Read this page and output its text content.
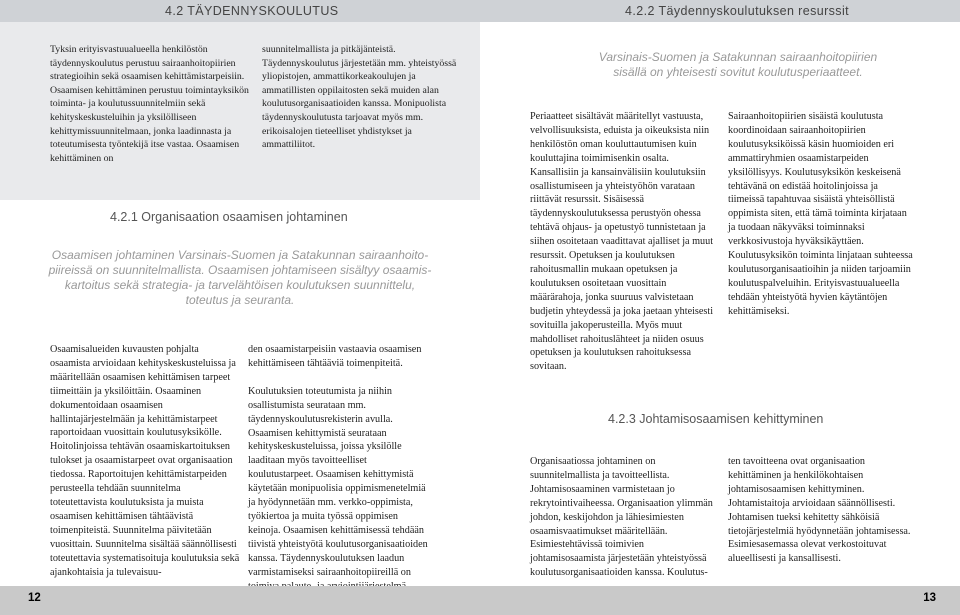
4.2 TÄYDENNYSKOULUTUS

Tyksin erityisvastuualueella henkilöstön täydennyskoulutus perustuu sairaanhoitopiirien strategioihin sekä osaamisen kehittämistarpeisiin. Osaamisen kehittäminen perustuu toimintayksikön toiminta- ja koulutussuunnitelmiin sekä kehityskeskusteluihin ja yksilölliseen kehittymissuunnitelmaan, jonka laadinnasta ja toteutumisesta työntekijä itse vastaa. Osaamisen kehittäminen on

suunnitelmallista ja pitkäjänteistä. Täydennyskoulutus järjestetään mm. yhteistyössä yliopistojen, ammattikorkeakoulujen ja ammatillisten oppilaitosten sekä muiden alan koulutusorganisaatioiden kanssa. Monipuolista täydennyskoulutusta tarjoavat myös mm. erikoisalojen tieteelliset yhdistykset ja ammattiliitot.

4.2.1 Organisaation osaamisen johtaminen
Osaamisen johtaminen Varsinais-Suomen ja Satakunnan sairaanhoito-
piireissä on suunnitelmallista. Osaamisen johtamiseen sisältyy osaamis-
kartoitus sekä strategia- ja tarvelähtöisen koulutuksen suunnittelu,
toteutus ja seuranta.

Osaamisalueiden kuvausten pohjalta osaamista arvioidaan kehityskeskusteluissa ja määritellään osaamisen kehittämisen tarpeet tiimeittäin ja yksilöittäin. Osaaminen dokumentoidaan osaamisen hallintajärjestelmään ja kehittämistarpeet raportoidaan vuosittain koulutusyksikölle. Hoitolinjoissa tehtävän osaamiskartoituksen tulokset ja osaamistarpeet ovat organisaation tiedossa. Raportoitujen kehittämistarpeiden perusteella tehdään suunnitelma toteutettavista koulutuksista ja muista osaamisen kehittämisen tähtäävistä toimenpiteistä. Suunnitelma päivitetään vuosittain. Suunnitelma sisältää säännöllisesti toteutettavia systematisoituja koulutuksia sekä ajankohtaisia ja tulevaisuu-

den osaamistarpeisiin vastaavia osaamisen kehittämiseen tähtääviä toimenpiteitä.

Koulutuksien toteutumista ja niihin osallistumista seurataan mm. täydennyskoulutusrekisterin avulla. Osaamisen kehittymistä seurataan kehityskeskusteluissa, joissa yksilölle laaditaan myös tavoitteelliset koulutustarpeet. Osaamisen kehittymistä käytetään monipuolisia oppimismenetelmiä ja hyödynnetään mm. verkko-oppimista, työkiertoa ja muita työssä oppimisen keinoja. Osaamisen kehittämisessä tehdään tiivistä yhteistyötä koulutusorganisaatioiden kanssa. Täydennyskoulutuksen laadun varmistamiseksi sairaanhoitopiireillä on

12
4.2.2 Täydennyskoulutuksen resurssit
Varsinais-Suomen ja Satakunnan sairaanhoitopiirien
sisällä on yhteisesti sovitut koulutusperiaatteet.

Periaatteet sisältävät määritellyt vastuusta, velvollisuuksista, eduista ja oikeuksista niin henkilöstön oman kouluttautumisen kuin kouluttajina toimimisenkin osalta. Kansallisiin ja kansainvälisiin koulutuksiin osallistumiseen ja yhteistyöhön varataan riittävät resurssit. Sisäisessä täydennyskoulutuksessa perustyön ohessa tehtävä ohjaus- ja opetustyö tunnistetaan ja siihen osoitetaan vaadittavat ajalliset ja muut resurssit. Opetuksen ja koulutuksen rahoitusmallin mukaan opetuksen ja koulutuksen osoitetaan vuosittain määrärahoja, jonka suuruus valvistetaan budjetin yhteydessä ja joka jaetaan yhteisesti sovituilla jakoperusteilla. Myös muut mahdolliset rahoituslähteet ja niiden osuus opetuksen ja koulutuksen rahoituksessa sovitaan.

Sairaanhoitopiirien sisäistä koulutusta koordinoidaan sairaanhoitopiirien koulutusyksiköissä käsin huomioiden eri ammattiryhmien osaamistarpeiden yksilöllisyys. Koulutusyksikön keskeisenä tehtävänä on edistää hoitolinjoissa ja tiimeissä tapahtuvaa sisäistä yhteisöllistä oppimista siten, että tämä toiminta kirjataan ja tuodaan näkyväksi toiminnaksi verkkosivustoja hyväksikäyttäen. Koulutusyksikön toiminta linjataan suhteessa koulutusorganisaatioihin ja niiden tarjoamiin koulutuspalveluihin. Erityisvastuualueella tehdään yhteistyötä hyvien käytäntöjen kehittämiseksi.

4.2.3 Johtamisosaamisen kehittyminen

Organisaatiossa johtaminen on suunnitelmallista ja tavoitteellista. Johtamisosaaminen varmistetaan jo rekrytointivaiheessa. Organisaation ylimmän johdon, keskijohdon ja lähiesimiesten osaamisvaatimukset määritellään. Esimiestehtävissä toimivien johtamisosaamista järjestetään yhteistyössä koulutusorganisaatioiden kanssa. Koulutus-

ten tavoitteena ovat organisaation kehittäminen ja henkilökohtaisen johtamisosaamisen kehittyminen. Johtamistaitoja arvioidaan säännöllisesti. Johtamisen tueksi kehitetty sähköisiä tietojärjestelmiä hyödynnetään johtamisessa. Esimiesasemassa olevat verkostoituvat alueellisesti ja kansallisesti.

13
